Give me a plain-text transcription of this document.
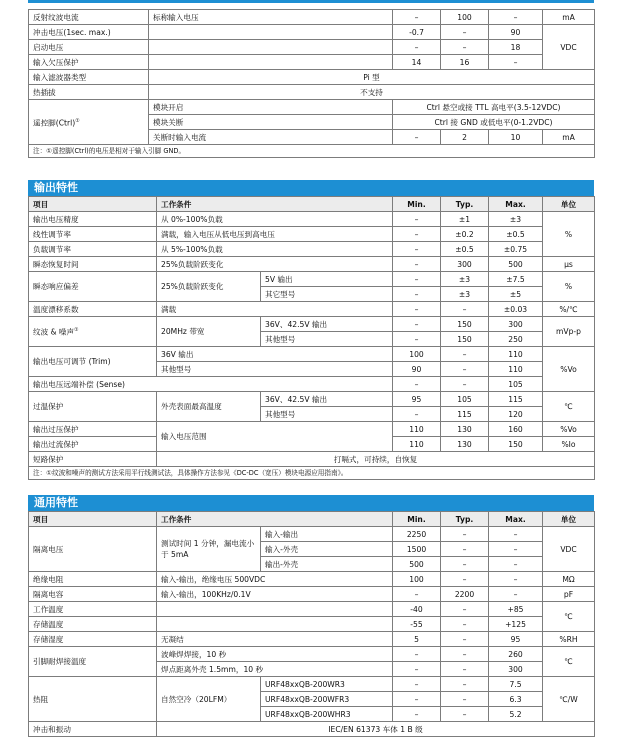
反射纹波电流	标称输入电压	–	100	–	mA
冲击电压(1sec. max.)		-0.7	–	90	VDC
启动电压		–	–	18	
输入欠压保护		14	16	–	
输入滤波器类型	Pi 型				
热插拔	不支持				
遥控脚(Ctrl)①	模块开启	Ctrl 悬空或接 TTL 高电平(3.5-12VDC)			
	模块关断	Ctrl 接 GND 或低电平(0-1.2VDC)			
	关断时输入电流	–	2	10	mA
注：①遥控脚(Ctrl)的电压是相对于输入引脚 GND。					
输出特性
项目	工作条件		Min.	Typ.	Max.	单位
输出电压精度	从 0%-100%负载		–	±1	±3	%
线性调节率	满载，输入电压从低电压到高电压		–	±0.2	±0.5	
负载调节率	从 5%-100%负载		–	±0.5	±0.75	
瞬态恢复时间	25%负载阶跃变化		–	300	500	μs
瞬态响应偏差	25%负载阶跃变化	5V 输出	–	±3	±7.5	%
		其它型号	–	±3	±5	
温度漂移系数	满载		–	–	±0.03	%/℃
纹波 & 噪声①	20MHz 带宽	36V、42.5V 输出	–	150	300	mVp-p
		其他型号	–	150	250	
输出电压可调节 (Trim)	36V 输出		100	–	110	%Vo
	其他型号		90	–	110	
输出电压远端补偿 (Sense)			–	–	105	
过温保护	外壳表面最高温度	36V、42.5V 输出	95	105	115	℃
		其他型号	–	115	120	
输出过压保护	输入电压范围		110	130	160	%Vo
输出过流保护			110	130	150	%Io
短路保护	打嗝式，可持续，自恢复					
注：①纹波和噪声的测试方法采用平行线测试法，具体操作方法参见《DC-DC（宽压）模块电源应用指南》。						
通用特性
项目	工作条件		Min.	Typ.	Max.	单位
隔离电压	测试时间 1 分钟，漏电流小于 5mA	输入-输出	2250	–	–	VDC
		输入-外壳	1500	–	–	
		输出-外壳	500	–	–	
绝缘电阻	输入-输出，绝缘电压 500VDC		100	–	–	MΩ
隔离电容	输入-输出，100KHz/0.1V		–	2200	–	pF
工作温度			-40	–	+85	℃
存储温度			-55	–	+125	
存储湿度	无凝结		5	–	95	%RH
引脚耐焊接温度	波峰焊焊接，10 秒		–	–	260	℃
	焊点距离外壳 1.5mm，10 秒		–	–	300	
热阻	自然空冷（20LFM）	URF48xxQB-200WR3	–	–	7.5	℃/W
		URF48xxQB-200WFR3	–	–	6.3	
		URF48xxQB-200WHR3	–	–	5.2	
冲击和振动	IEC/EN 61373 车体 1 B 级					
